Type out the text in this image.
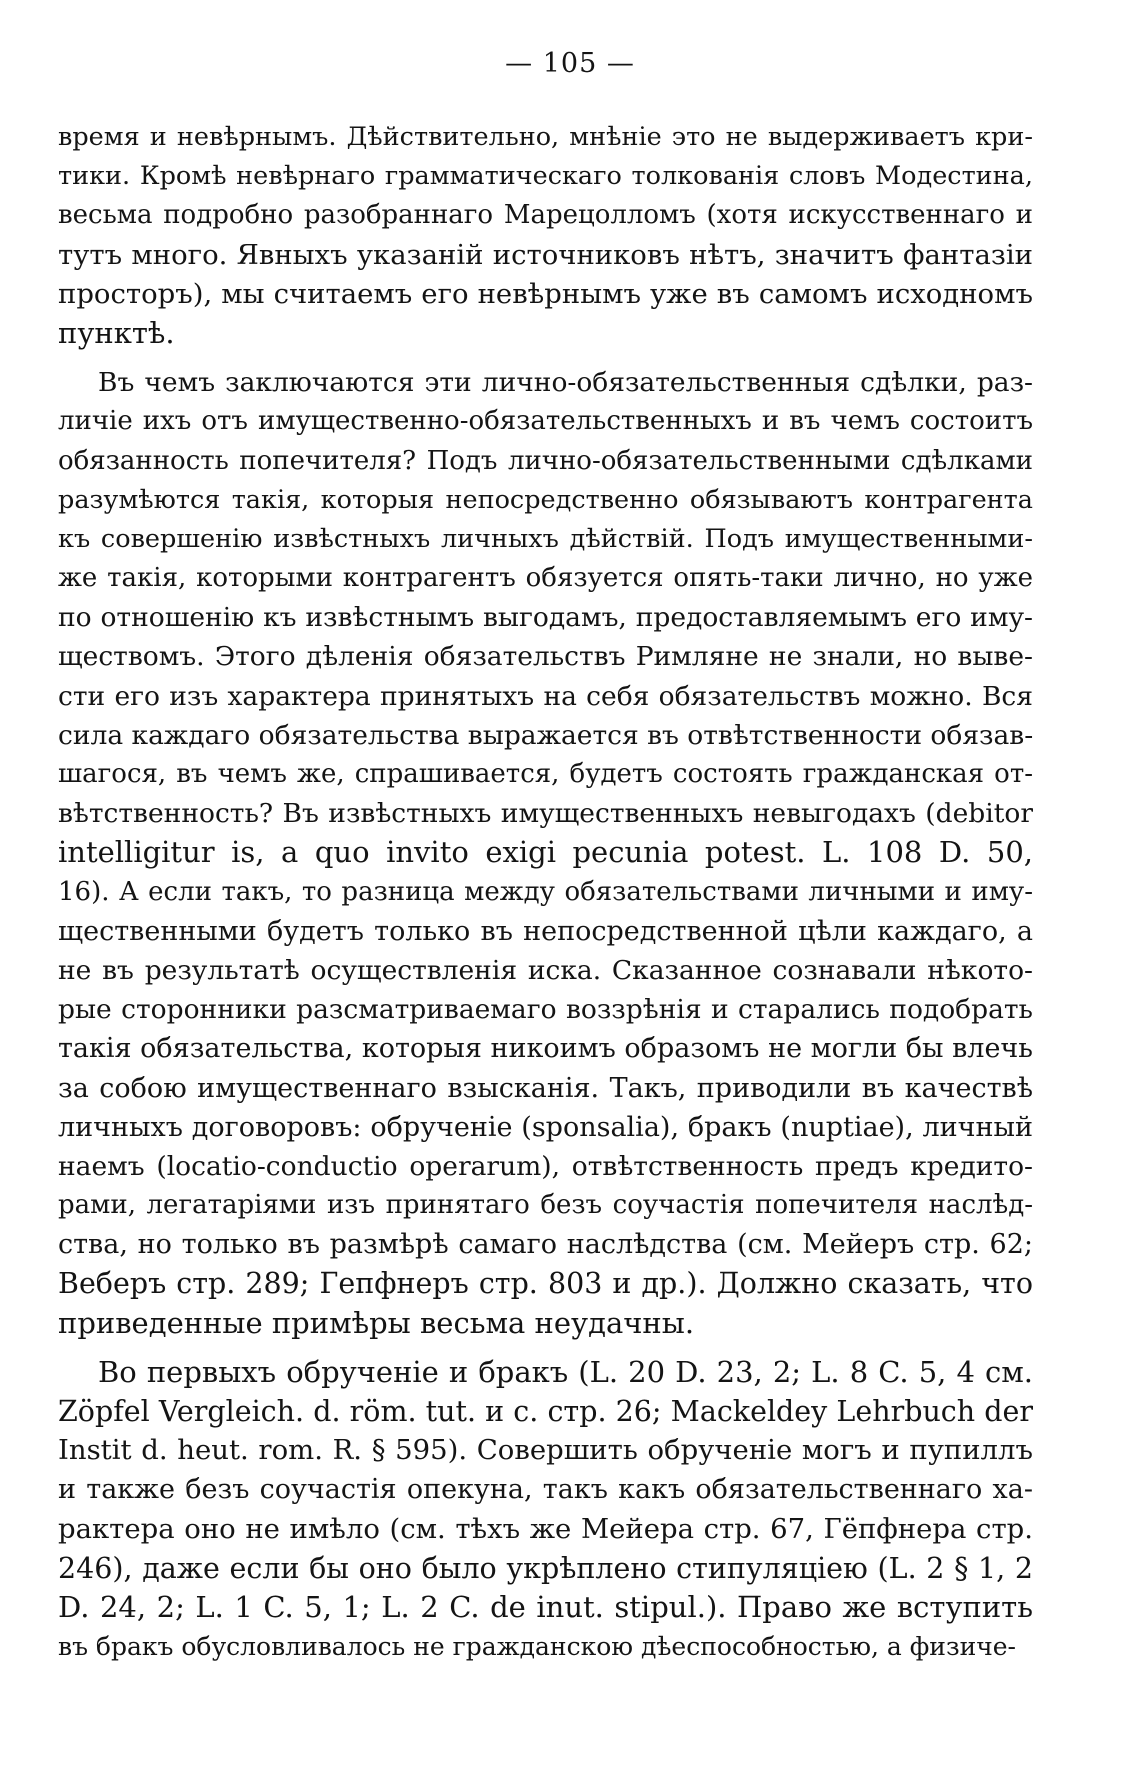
— 105 —
время и невѣрнымъ. Дѣйствительно, мнѣніе это не выдерживаетъ кри-
тики. Кромѣ невѣрнаго грамматическаго толкованія словъ Модестина,
весьма подробно разобраннаго Марецолломъ (хотя искусственнаго и
тутъ много. Явныхъ указаній источниковъ нѣтъ, значитъ фантазіи
просторъ), мы считаемъ его невѣрнымъ уже въ самомъ исходномъ
пунктѣ.
Въ чемъ заключаются эти лично-обязательственныя сдѣлки, раз-
личіе ихъ отъ имущественно-обязательственныхъ и въ чемъ состоитъ
обязанность попечителя? Подъ лично-обязательственными сдѣлками
разумѣются такія, которыя непосредственно обязываютъ контрагента
къ совершенію извѣстныхъ личныхъ дѣйствій. Подъ имущественными-
же такія, которыми контрагентъ обязуется опять-таки лично, но уже
по отношенію къ извѣстнымъ выгодамъ, предоставляемымъ его иму-
ществомъ. Этого дѣленія обязательствъ Римляне не знали, но выве-
сти его изъ характера принятыхъ на себя обязательствъ можно. Вся
сила каждаго обязательства выражается въ отвѣтственности обязав-
шагося, въ чемъ же, спрашивается, будетъ состоять гражданская от-
вѣтственность? Въ извѣстныхъ имущественныхъ невыгодахъ (debitor
intelligitur is, a quo invito exigi pecunia potest. L. 108 D. 50,
16). А если такъ, то разница между обязательствами личными и иму-
щественными будетъ только въ непосредственной цѣли каждаго, а
не въ результатѣ осуществленія иска. Сказанное сознавали нѣкото-
рые сторонники разсматриваемаго воззрѣнія и старались подобрать
такія обязательства, которыя никоимъ образомъ не могли бы влечь
за собою имущественнаго взысканія. Такъ, приводили въ качествѣ
личныхъ договоровъ: обрученіе (sponsalia), бракъ (nuptiae), личный
наемъ (locatio-conductio operarum), отвѣтственность предъ кредито-
рами, легатаріями изъ принятаго безъ соучастія попечителя наслѣд-
ства, но только въ размѣрѣ самаго наслѣдства (см. Мейеръ стр. 62;
Веберъ стр. 289; Гепфнеръ стр. 803 и др.). Должно сказать, что
приведенные примѣры весьма неудачны.
Во первыхъ обрученіе и бракъ (L. 20 D. 23, 2; L. 8 C. 5, 4 см.
Zöpfel Vergleich. d. röm. tut. и c. стр. 26; Mackeldey Lehrbuch der
Instit d. heut. rom. R. § 595). Совершить обрученіе могъ и пупиллъ
и также безъ соучастія опекуна, такъ какъ обязательственнаго ха-
рактера оно не имѣло (см. тѣхъ же Мейера стр. 67, Гёпфнера стр.
246), даже если бы оно было укрѣплено стипуляціею (L. 2 § 1, 2
D. 24, 2; L. 1 C. 5, 1; L. 2 C. de inut. stipul.). Право же вступить
въ бракъ обусловливалось не гражданскою дѣеспособностью, а физиче-
